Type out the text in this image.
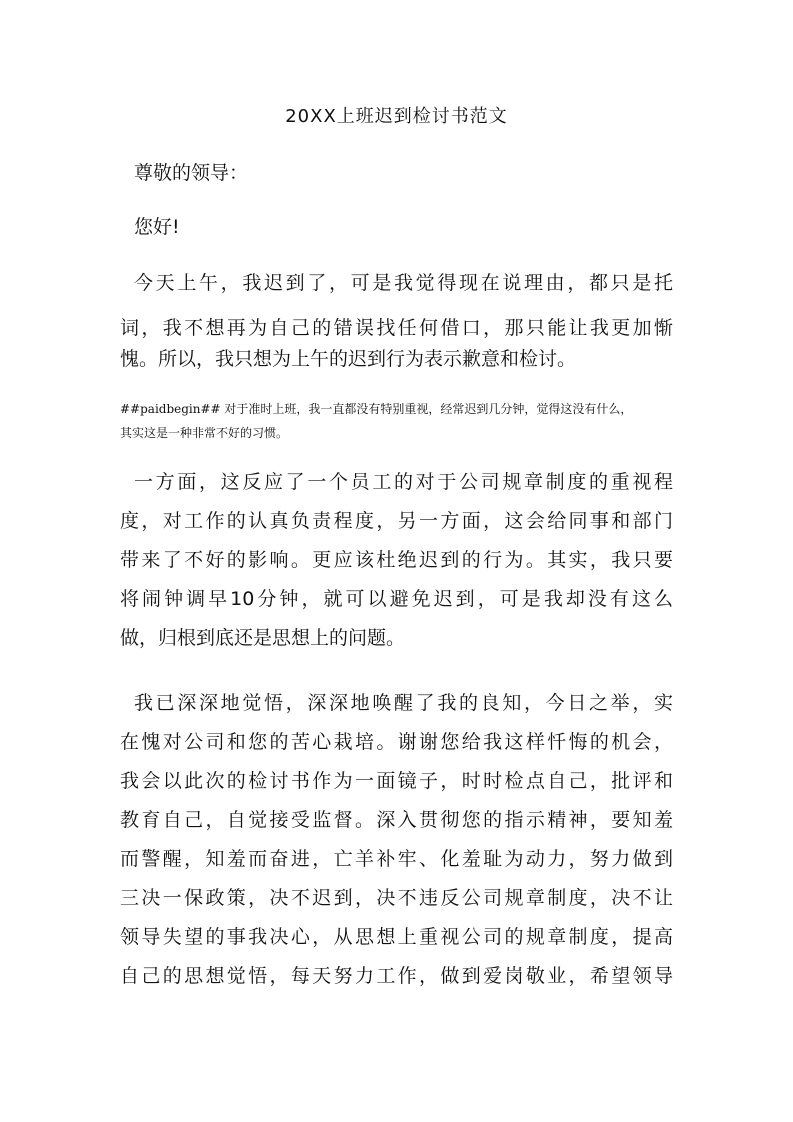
20XX上班迟到检讨书范文
尊敬的领导：
您好!
今天上午，我迟到了，可是我觉得现在说理由，都只是托
词，我不想再为自己的错误找任何借口，那只能让我更加惭
愧。所以，我只想为上午的迟到行为表示歉意和检讨。
##paidbegin## 对于准时上班，我一直都没有特别重视，经常迟到几分钟，觉得这没有什么，
其实这是一种非常不好的习惯。
一方面，这反应了一个员工的对于公司规章制度的重视程
度，对工作的认真负责程度，另一方面，这会给同事和部门
带来了不好的影响。更应该杜绝迟到的行为。其实，我只要
将闹钟调早10分钟，就可以避免迟到，可是我却没有这么
做，归根到底还是思想上的问题。
我已深深地觉悟，深深地唤醒了我的良知，今日之举，实
在愧对公司和您的苦心栽培。谢谢您给我这样忏悔的机会，
我会以此次的检讨书作为一面镜子，时时检点自己，批评和
教育自己，自觉接受监督。深入贯彻您的指示精神，要知羞
而警醒，知羞而奋进，亡羊补牢、化羞耻为动力，努力做到
三决一保政策，决不迟到，决不违反公司规章制度，决不让
领导失望的事我决心，从思想上重视公司的规章制度，提高
自己的思想觉悟，每天努力工作，做到爱岗敬业，希望领导
